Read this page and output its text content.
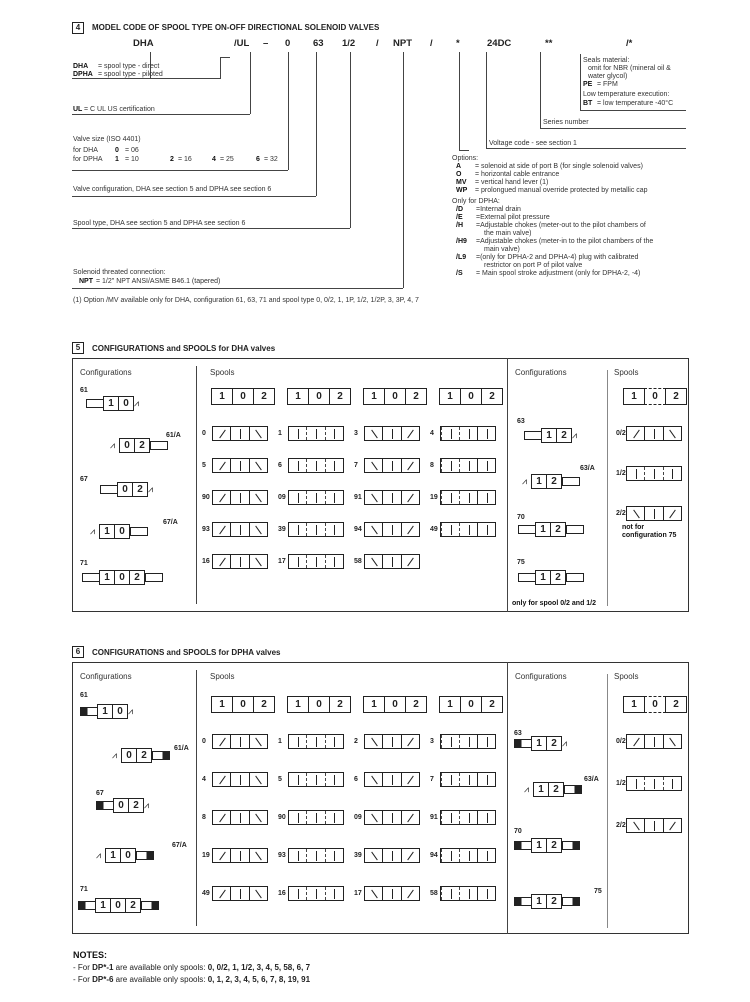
4	MODEL CODE OF SPOOL TYPE ON-OFF DIRECTIONAL SOLENOID VALVES
DHA	/UL – 0 63 1/2 / NPT / *	24DC	**	/*
DHA = spool type - direct
DPHA = spool type - piloted
UL = C UL US certification
Valve size (ISO 4401)
for DHA 0 = 06
for DPHA 1 = 10	2 = 16	4 = 25	6 = 32
Valve configuration, DHA see section 5 and DPHA see section 6
Spool type, DHA see section 5 and DPHA see section 6
Solenoid threated connection:
NPT = 1/2" NPT ANSI/ASME B46.1 (tapered)
(1) Option /MV available only for DHA, configuration 61, 63, 71 and spool type 0, 0/2, 1, 1P, 1/2, 1/2P, 3, 3P, 4, 7
Seals material:
omit for NBR (mineral oil &
water glycol)
PE = FPM
Low temperature execution:
BT = low temperature -40°C
Series number
Voltage code - see section 1
Options:
A = solenoid at side of port B (for single solenoid valves)
O = horizontal cable entrance
MV = vertical hand lever (1)
WP = prolongued manual override protected by metallic cap
Only for DPHA:
/D =Internal drain
/E =External pilot pressure
/H =Adjustable chokes (meter-out to the pilot chambers of
the main valve)
/H9 =Adjustable chokes (meter-in to the pilot chambers of the
main valve)
/L9 =(only for DPHA-2 and DPHA-4) plug with calibrated
restrictor on port P of pilot valve
/S = Main spool stroke adjustment (only for DPHA-2, -4)
5	CONFIGURATIONS and SPOOLS for DHA valves
Configurations	Spools	Configurations	Spools
61
1 0 ⩘
61/A
⩘ 0 2
67
0 2 ⩘
67/A
⩘ 1 0
71
1 0 2
1	0	2	1	0	2	1	0	2	1	0	2
0	1	3	4
5	6	7	8
90	09	91	19
93	39	94	49
16	17	58
63
1 2 ⩘
63/A
⩘ 1 2
70
1 2
75
1 2
only for spool 0/2 and 1/2
1	0	2
0/2
1/2
2/2
not for
configuration 75
6	CONFIGURATIONS and SPOOLS for DPHA valves
Configurations	Spools	Configurations	Spools
61
1 0 ⩘
61/A
⩘ 0 2
67
0 2 ⩘
67/A
⩘ 1 0
71
1 0 2
1	0	2	1	0	2	1	0	2	1	0	2
0	1	2	3
4	5	6	7
8	90	09	91
19	93	39	94
49	16	17	58
63
1 2 ⩘
63/A
⩘ 1 2
70
1 2
75
1 2
1	0	2
0/2
1/2
2/2
NOTES:
- For DP*-1 are available only spools: 0, 0/2, 1, 1/2, 3, 4, 5, 58, 6, 7
- For DP*-6 are available only spools: 0, 1, 2, 3, 4, 5, 6, 7, 8, 19, 91
